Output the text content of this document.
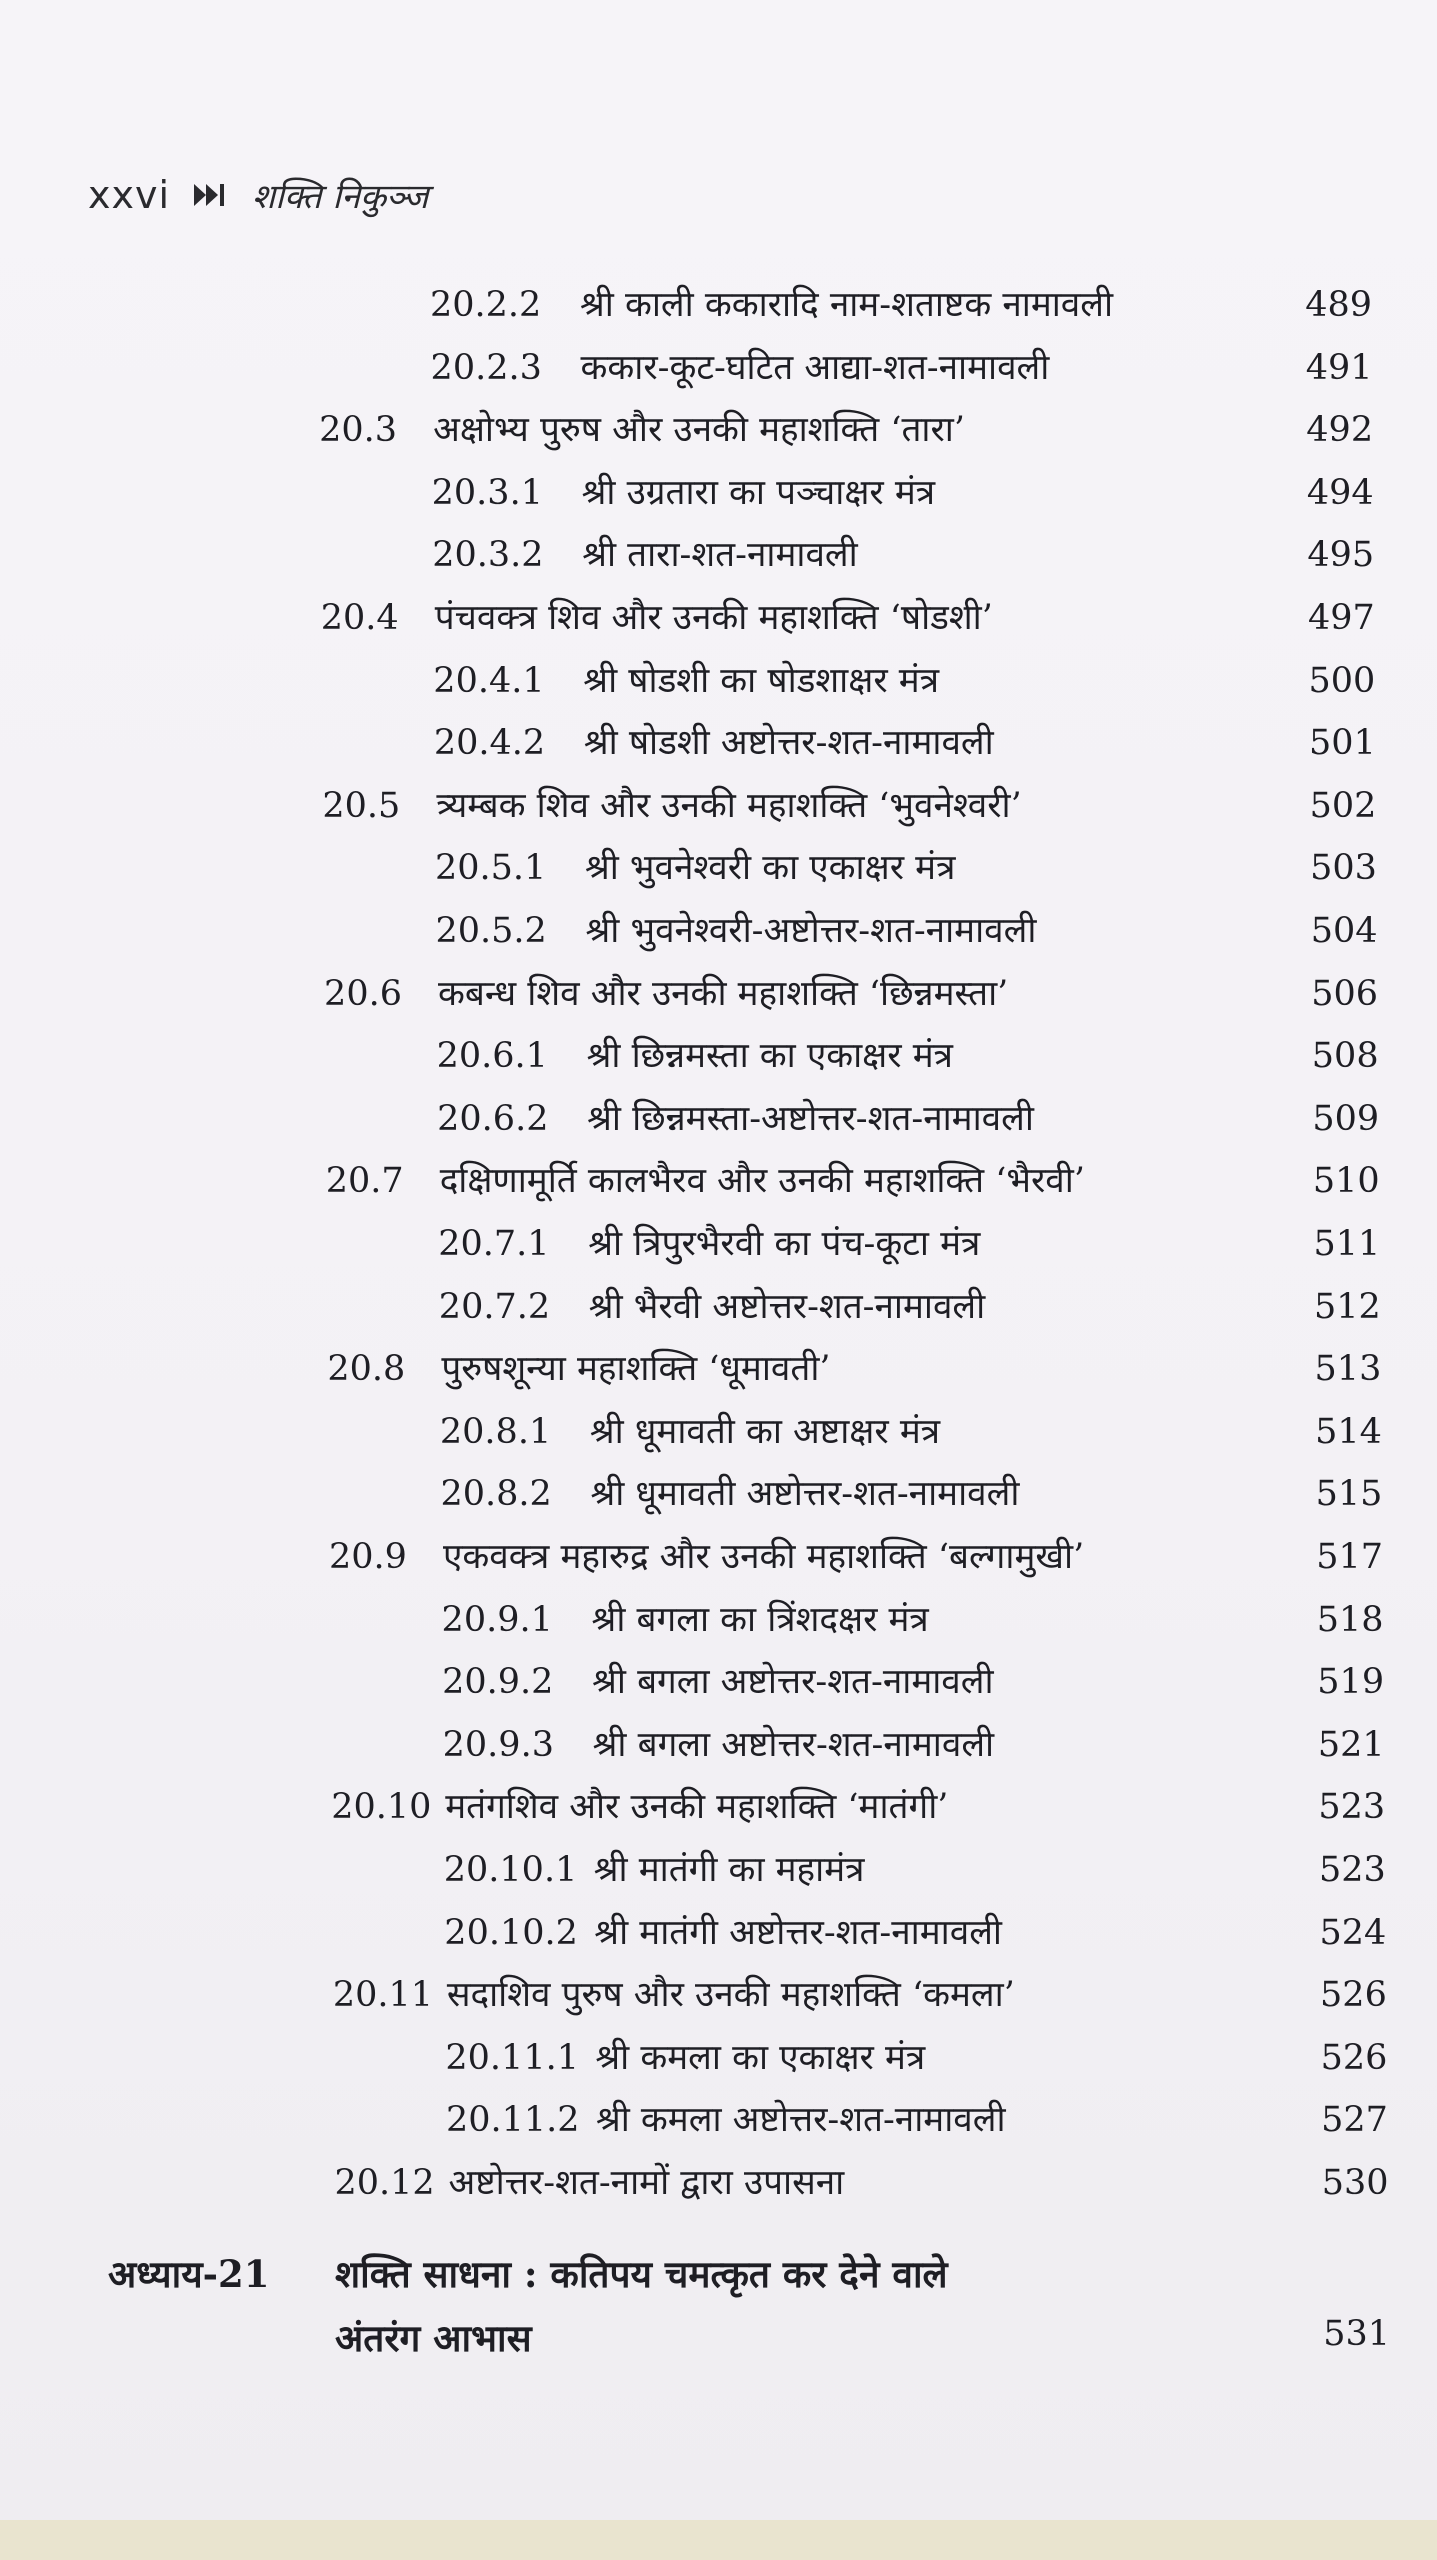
xxvi शक्ति निकुञ्ज
20.2.2 श्री काली ककारादि नाम-शताष्टक नामावली	489
20.2.3 ककार-कूट-घटित आद्या-शत-नामावली	491
20.3 अक्षोभ्य पुरुष और उनकी महाशक्ति ‘तारा’	492
20.3.1 श्री उग्रतारा का पञ्चाक्षर मंत्र	494
20.3.2 श्री तारा-शत-नामावली	495
20.4 पंचवक्त्र शिव और उनकी महाशक्ति ‘षोडशी’	497
20.4.1 श्री षोडशी का षोडशाक्षर मंत्र	500
20.4.2 श्री षोडशी अष्टोत्तर-शत-नामावली	501
20.5 त्र्यम्बक शिव और उनकी महाशक्ति ‘भुवनेश्वरी’	502
20.5.1 श्री भुवनेश्वरी का एकाक्षर मंत्र	503
20.5.2 श्री भुवनेश्वरी-अष्टोत्तर-शत-नामावली	504
20.6 कबन्ध शिव और उनकी महाशक्ति ‘छिन्नमस्ता’	506
20.6.1 श्री छिन्नमस्ता का एकाक्षर मंत्र	508
20.6.2 श्री छिन्नमस्ता-अष्टोत्तर-शत-नामावली	509
20.7 दक्षिणामूर्ति कालभैरव और उनकी महाशक्ति ‘भैरवी’	510
20.7.1 श्री त्रिपुरभैरवी का पंच-कूटा मंत्र	511
20.7.2 श्री भैरवी अष्टोत्तर-शत-नामावली	512
20.8 पुरुषशून्या महाशक्ति ‘धूमावती’	513
20.8.1 श्री धूमावती का अष्टाक्षर मंत्र	514
20.8.2 श्री धूमावती अष्टोत्तर-शत-नामावली	515
20.9 एकवक्त्र महारुद्र और उनकी महाशक्ति ‘बल्गामुखी’	517
20.9.1 श्री बगला का त्रिंशदक्षर मंत्र	518
20.9.2 श्री बगला अष्टोत्तर-शत-नामावली	519
20.9.3 श्री बगला अष्टोत्तर-शत-नामावली	521
20.10 मतंगशिव और उनकी महाशक्ति ‘मातंगी’	523
20.10.1 श्री मातंगी का महामंत्र	523
20.10.2 श्री मातंगी अष्टोत्तर-शत-नामावली	524
20.11 सदाशिव पुरुष और उनकी महाशक्ति ‘कमला’	526
20.11.1 श्री कमला का एकाक्षर मंत्र	526
20.11.2 श्री कमला अष्टोत्तर-शत-नामावली	527
20.12 अष्टोत्तर-शत-नामों द्वारा उपासना	530
अध्याय-21 शक्ति साधना : कतिपय चमत्कृत कर देने वाले
अंतरंग आभास	531
